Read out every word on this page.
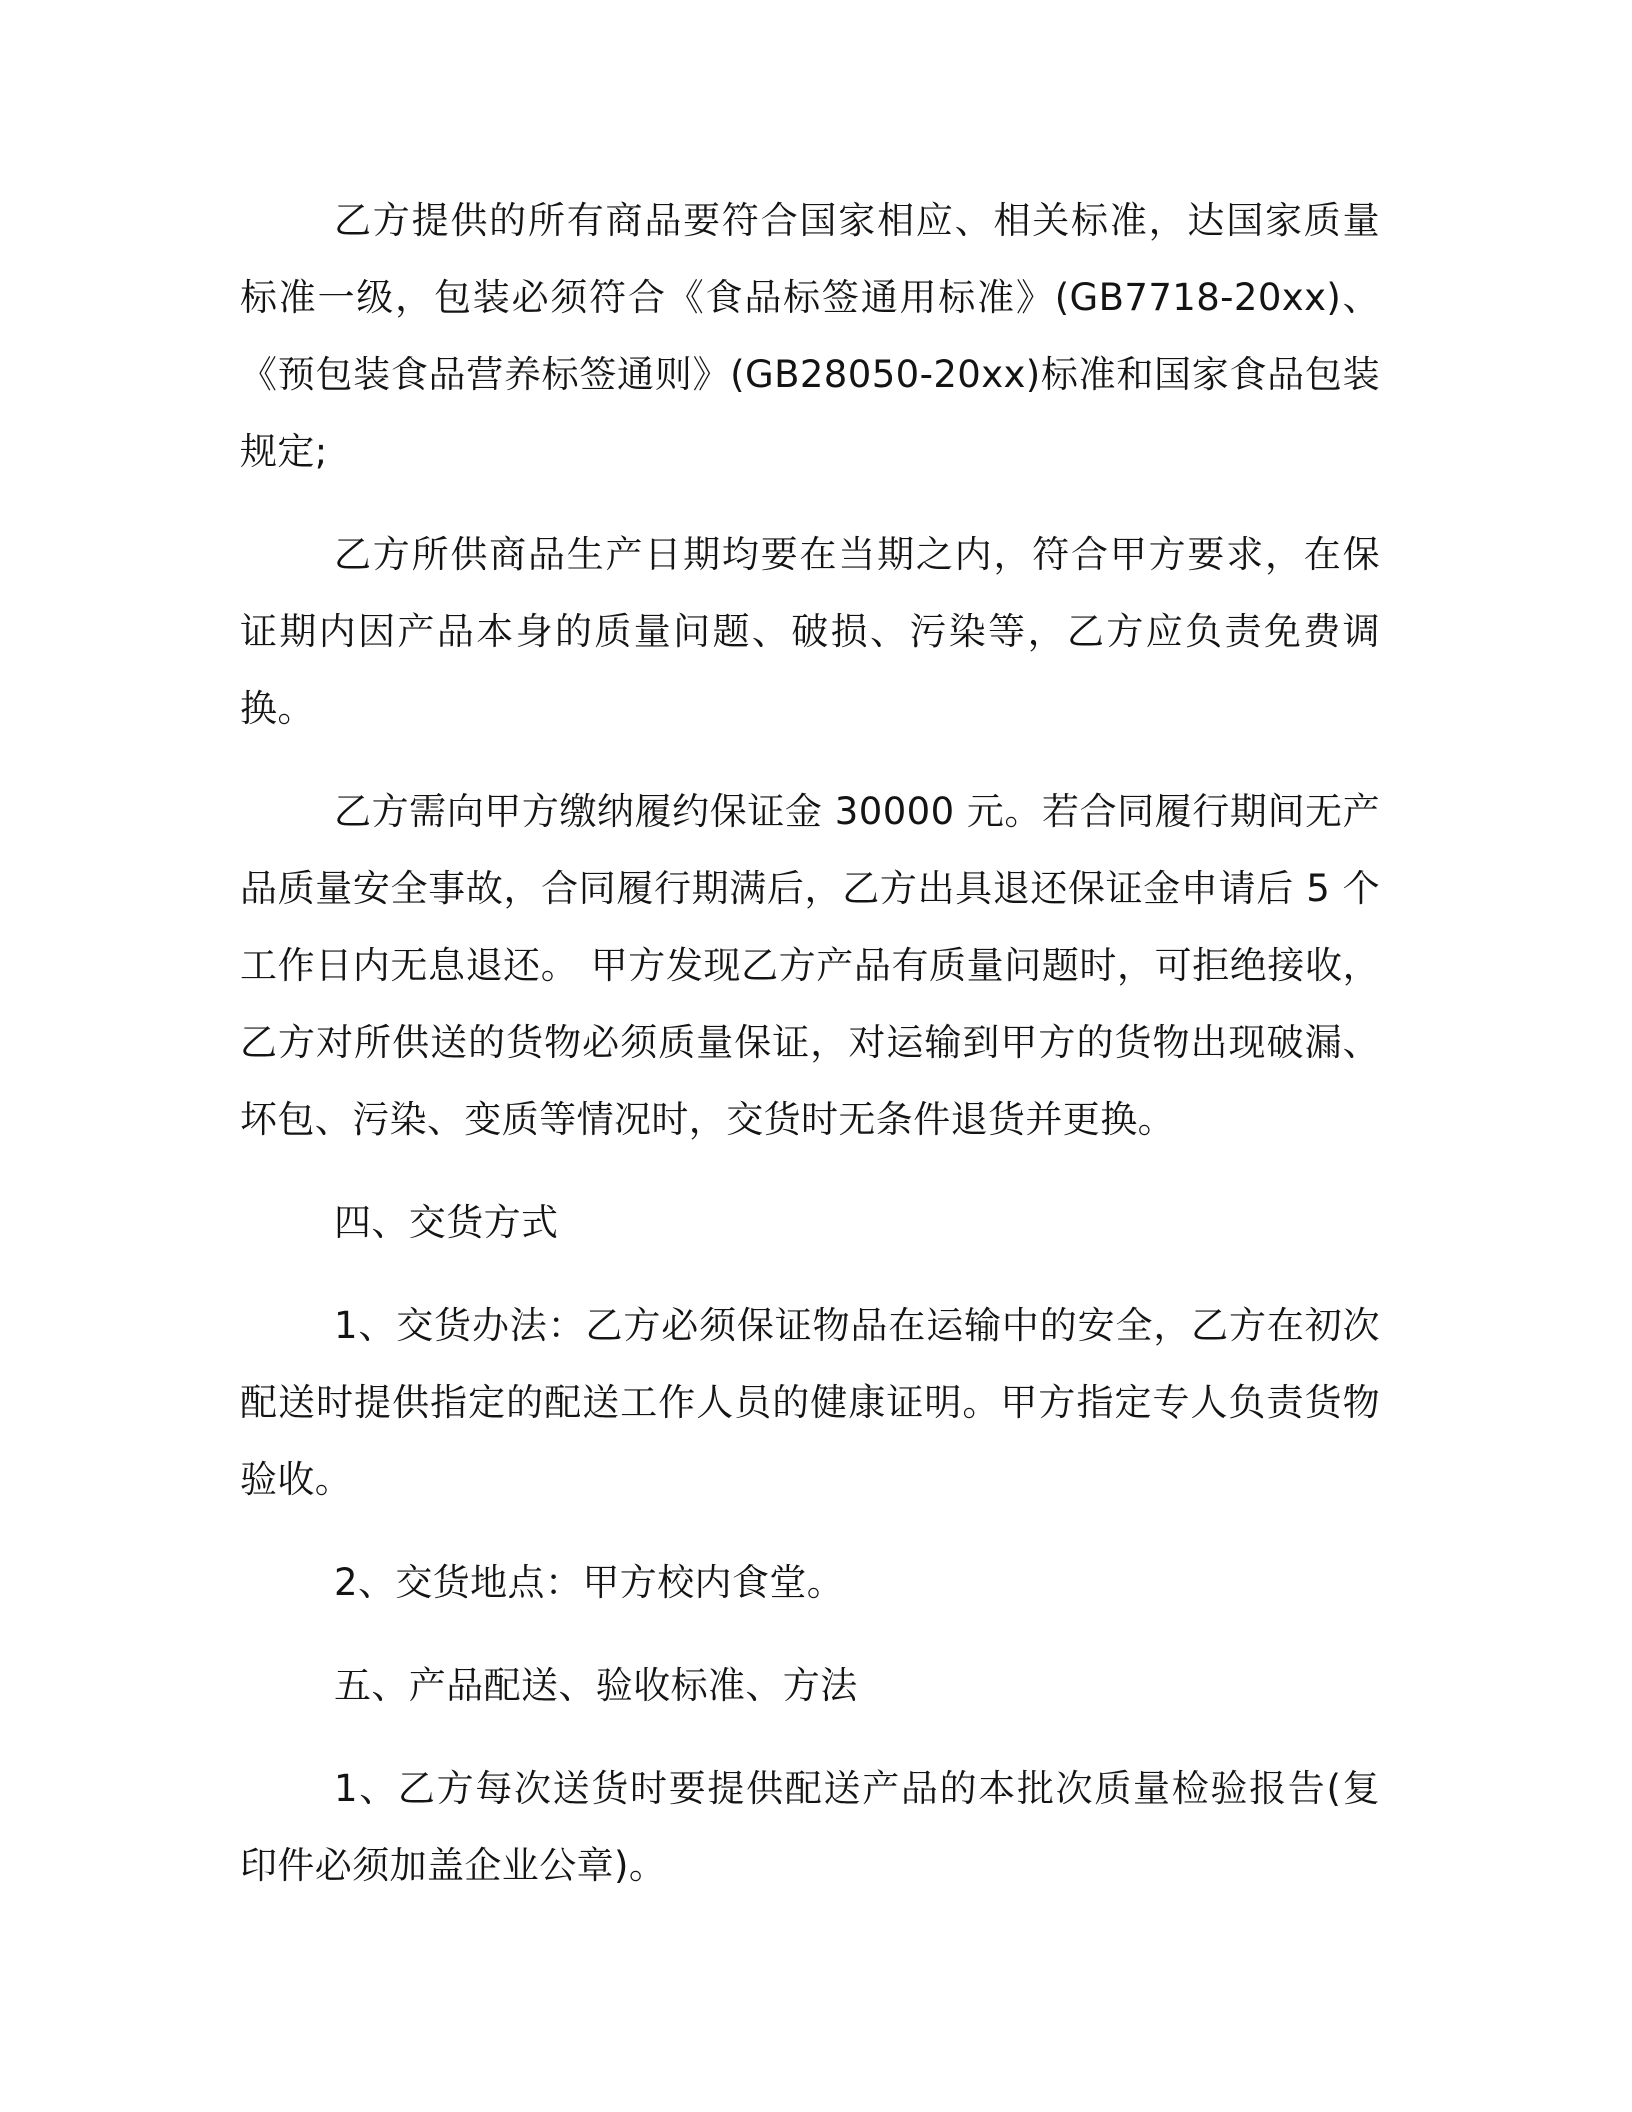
乙方提供的所有商品要符合国家相应、相关标准，达国家质量标准一级，包装必须符合《食品标签通用标准》(GB7718-20xx)、《预包装食品营养标签通则》(GB28050-20xx)标准和国家食品包装规定;

乙方所供商品生产日期均要在当期之内，符合甲方要求，在保证期内因产品本身的质量问题、破损、污染等，乙方应负责免费调换。

乙方需向甲方缴纳履约保证金 30000 元。若合同履行期间无产品质量安全事故，合同履行期满后，乙方出具退还保证金申请后 5 个工作日内无息退还。 甲方发现乙方产品有质量问题时，可拒绝接收，乙方对所供送的货物必须质量保证，对运输到甲方的货物出现破漏、坏包、污染、变质等情况时，交货时无条件退货并更换。

四、交货方式

1、交货办法：乙方必须保证物品在运输中的安全，乙方在初次配送时提供指定的配送工作人员的健康证明。甲方指定专人负责货物验收。

2、交货地点：甲方校内食堂。

五、产品配送、验收标准、方法

1、乙方每次送货时要提供配送产品的本批次质量检验报告(复印件必须加盖企业公章)。
